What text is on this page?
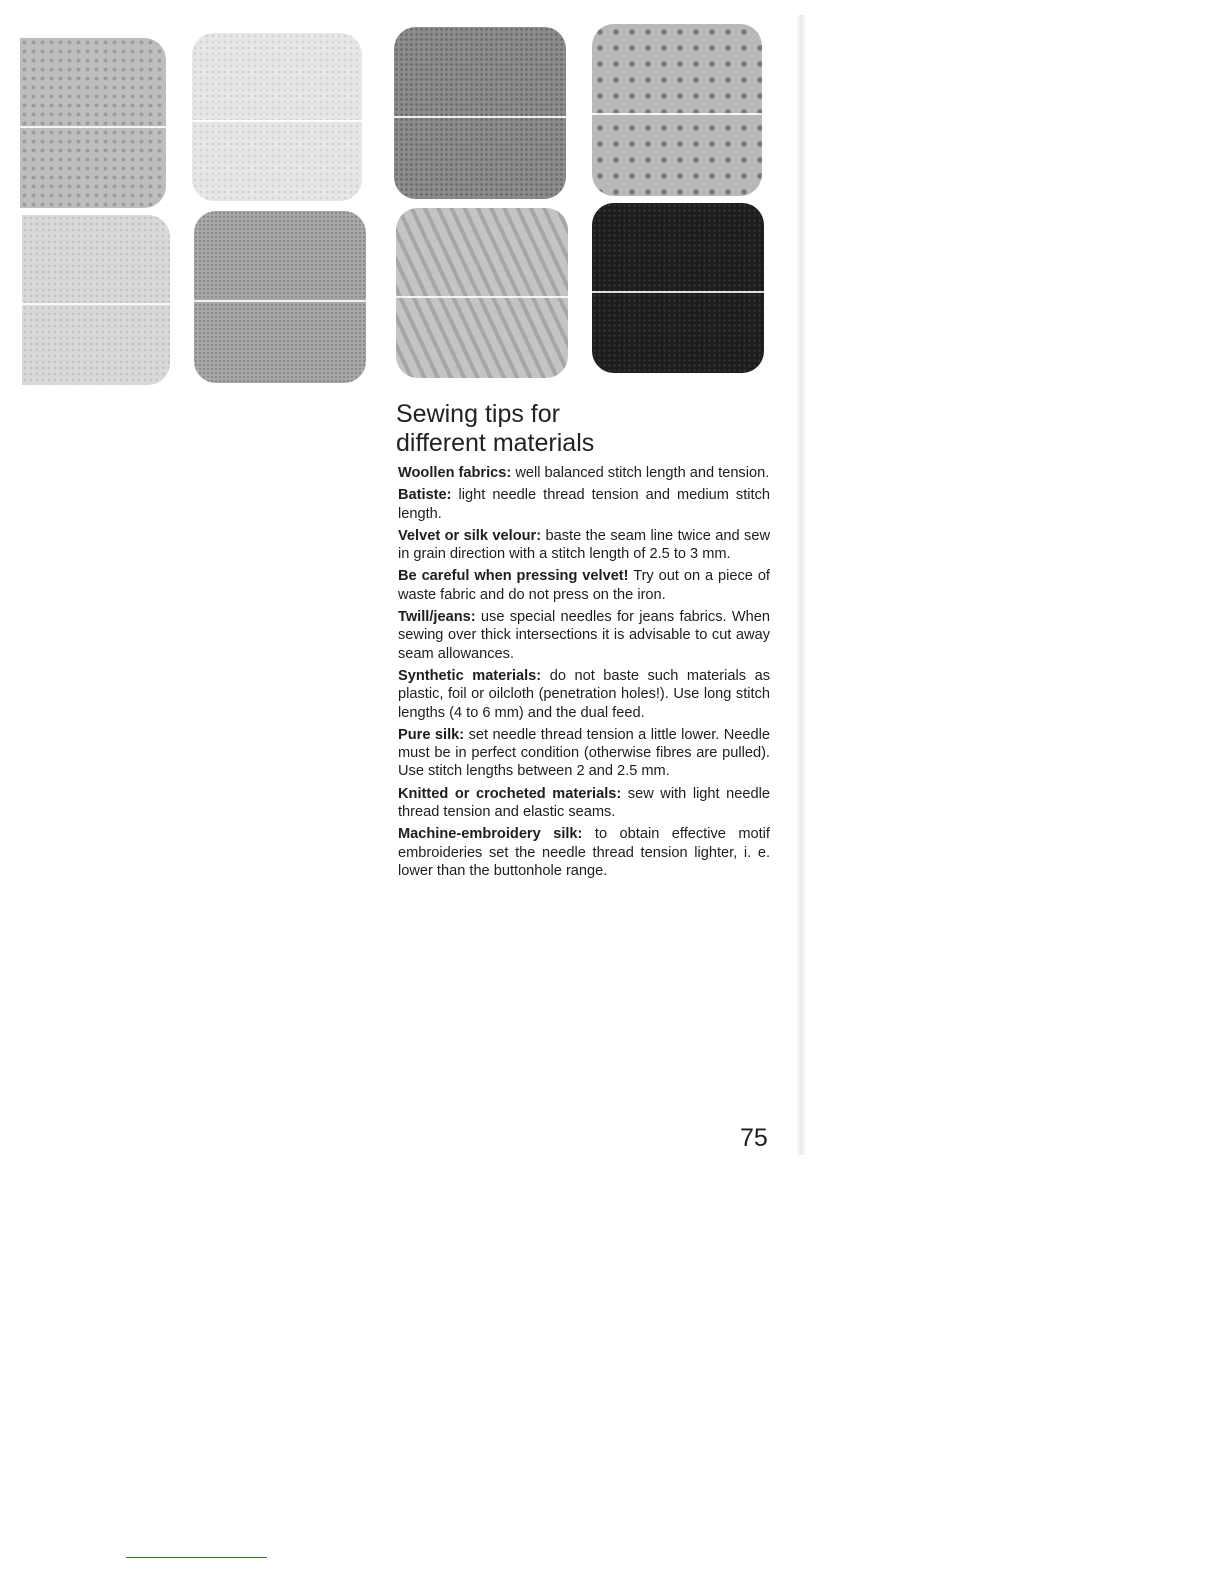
Sewing tips for
different materials

Woollen fabrics: well balanced stitch length and tension.

Batiste: light needle thread tension and medium stitch length.

Velvet or silk velour: baste the seam line twice and sew in grain direction with a stitch length of 2.5 to 3 mm.

Be careful when pressing velvet! Try out on a piece of waste fabric and do not press on the iron.

Twill/jeans: use special needles for jeans fabrics. When sewing over thick intersections it is advisable to cut away seam allowances.

Synthetic materials: do not baste such materials as plastic, foil or oilcloth (penetration holes!). Use long stitch lengths (4 to 6 mm) and the dual feed.

Pure silk: set needle thread tension a little lower. Needle must be in perfect condition (otherwise fibres are pulled). Use stitch lengths between 2 and 2.5 mm.

Knitted or crocheted materials: sew with light needle thread tension and elastic seams.

Machine-embroidery silk: to obtain effective motif embroideries set the needle thread tension lighter, i. e. lower than the buttonhole range.

75
